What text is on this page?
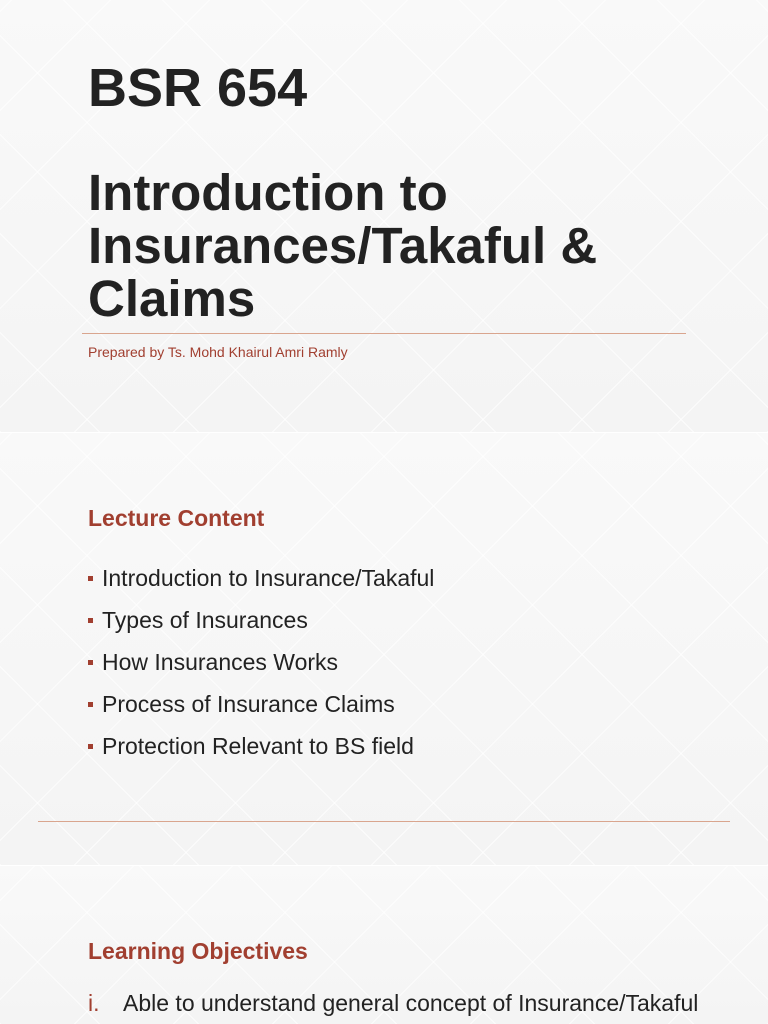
BSR 654
Introduction to Insurances/Takaful & Claims
Prepared by Ts. Mohd Khairul Amri Ramly
Lecture Content
Introduction to Insurance/Takaful
Types of Insurances
How Insurances Works
Process of Insurance Claims
Protection Relevant to BS field
Learning Objectives
i.	Able to understand general concept of Insurance/Takaful
